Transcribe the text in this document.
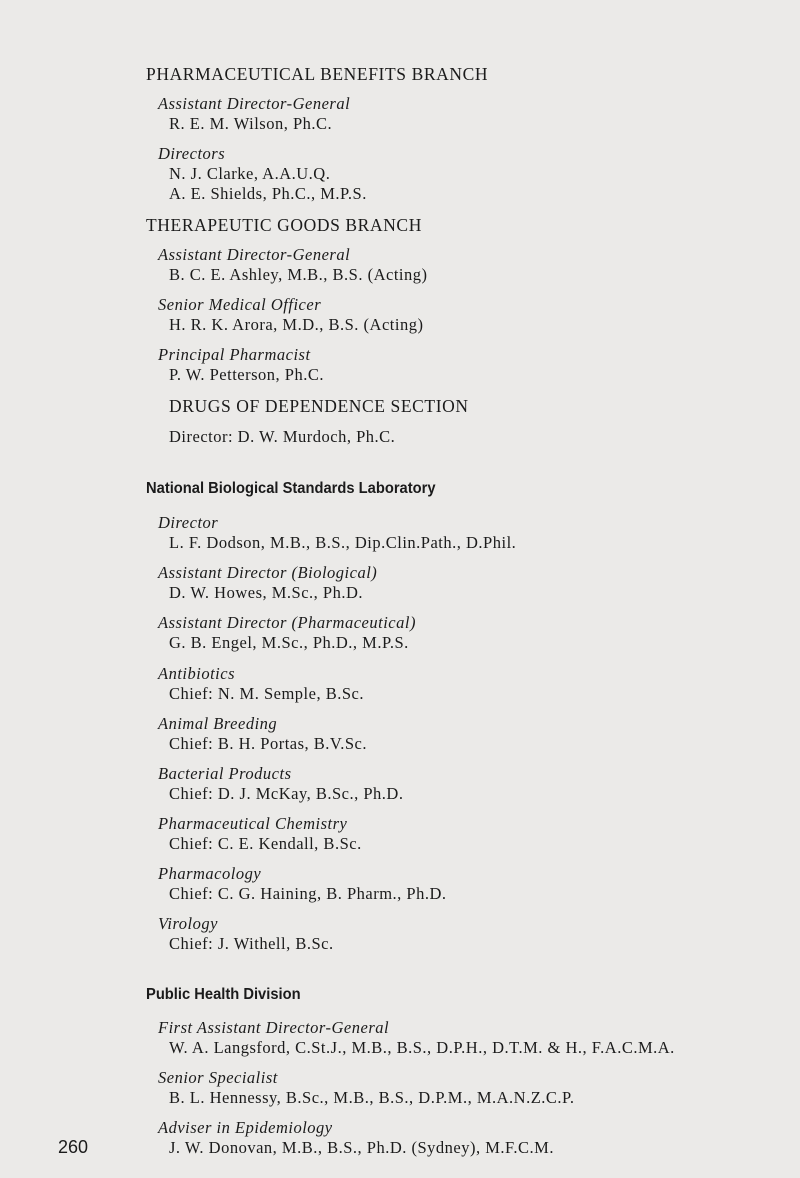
PHARMACEUTICAL BENEFITS BRANCH
Assistant Director-General
R. E. M. Wilson, Ph.C.
Directors
N. J. Clarke, A.A.U.Q.
A. E. Shields, Ph.C., M.P.S.
THERAPEUTIC GOODS BRANCH
Assistant Director-General
B. C. E. Ashley, M.B., B.S. (Acting)
Senior Medical Officer
H. R. K. Arora, M.D., B.S. (Acting)
Principal Pharmacist
P. W. Petterson, Ph.C.
DRUGS OF DEPENDENCE SECTION
Director: D. W. Murdoch, Ph.C.
National Biological Standards Laboratory
Director
L. F. Dodson, M.B., B.S., Dip.Clin.Path., D.Phil.
Assistant Director (Biological)
D. W. Howes, M.Sc., Ph.D.
Assistant Director (Pharmaceutical)
G. B. Engel, M.Sc., Ph.D., M.P.S.
Antibiotics
Chief: N. M. Semple, B.Sc.
Animal Breeding
Chief: B. H. Portas, B.V.Sc.
Bacterial Products
Chief: D. J. McKay, B.Sc., Ph.D.
Pharmaceutical Chemistry
Chief: C. E. Kendall, B.Sc.
Pharmacology
Chief: C. G. Haining, B. Pharm., Ph.D.
Virology
Chief: J. Withell, B.Sc.
Public Health Division
First Assistant Director-General
W. A. Langsford, C.St.J., M.B., B.S., D.P.H., D.T.M. & H., F.A.C.M.A.
Senior Specialist
B. L. Hennessy, B.Sc., M.B., B.S., D.P.M., M.A.N.Z.C.P.
Adviser in Epidemiology
J. W. Donovan, M.B., B.S., Ph.D. (Sydney), M.F.C.M.
260
